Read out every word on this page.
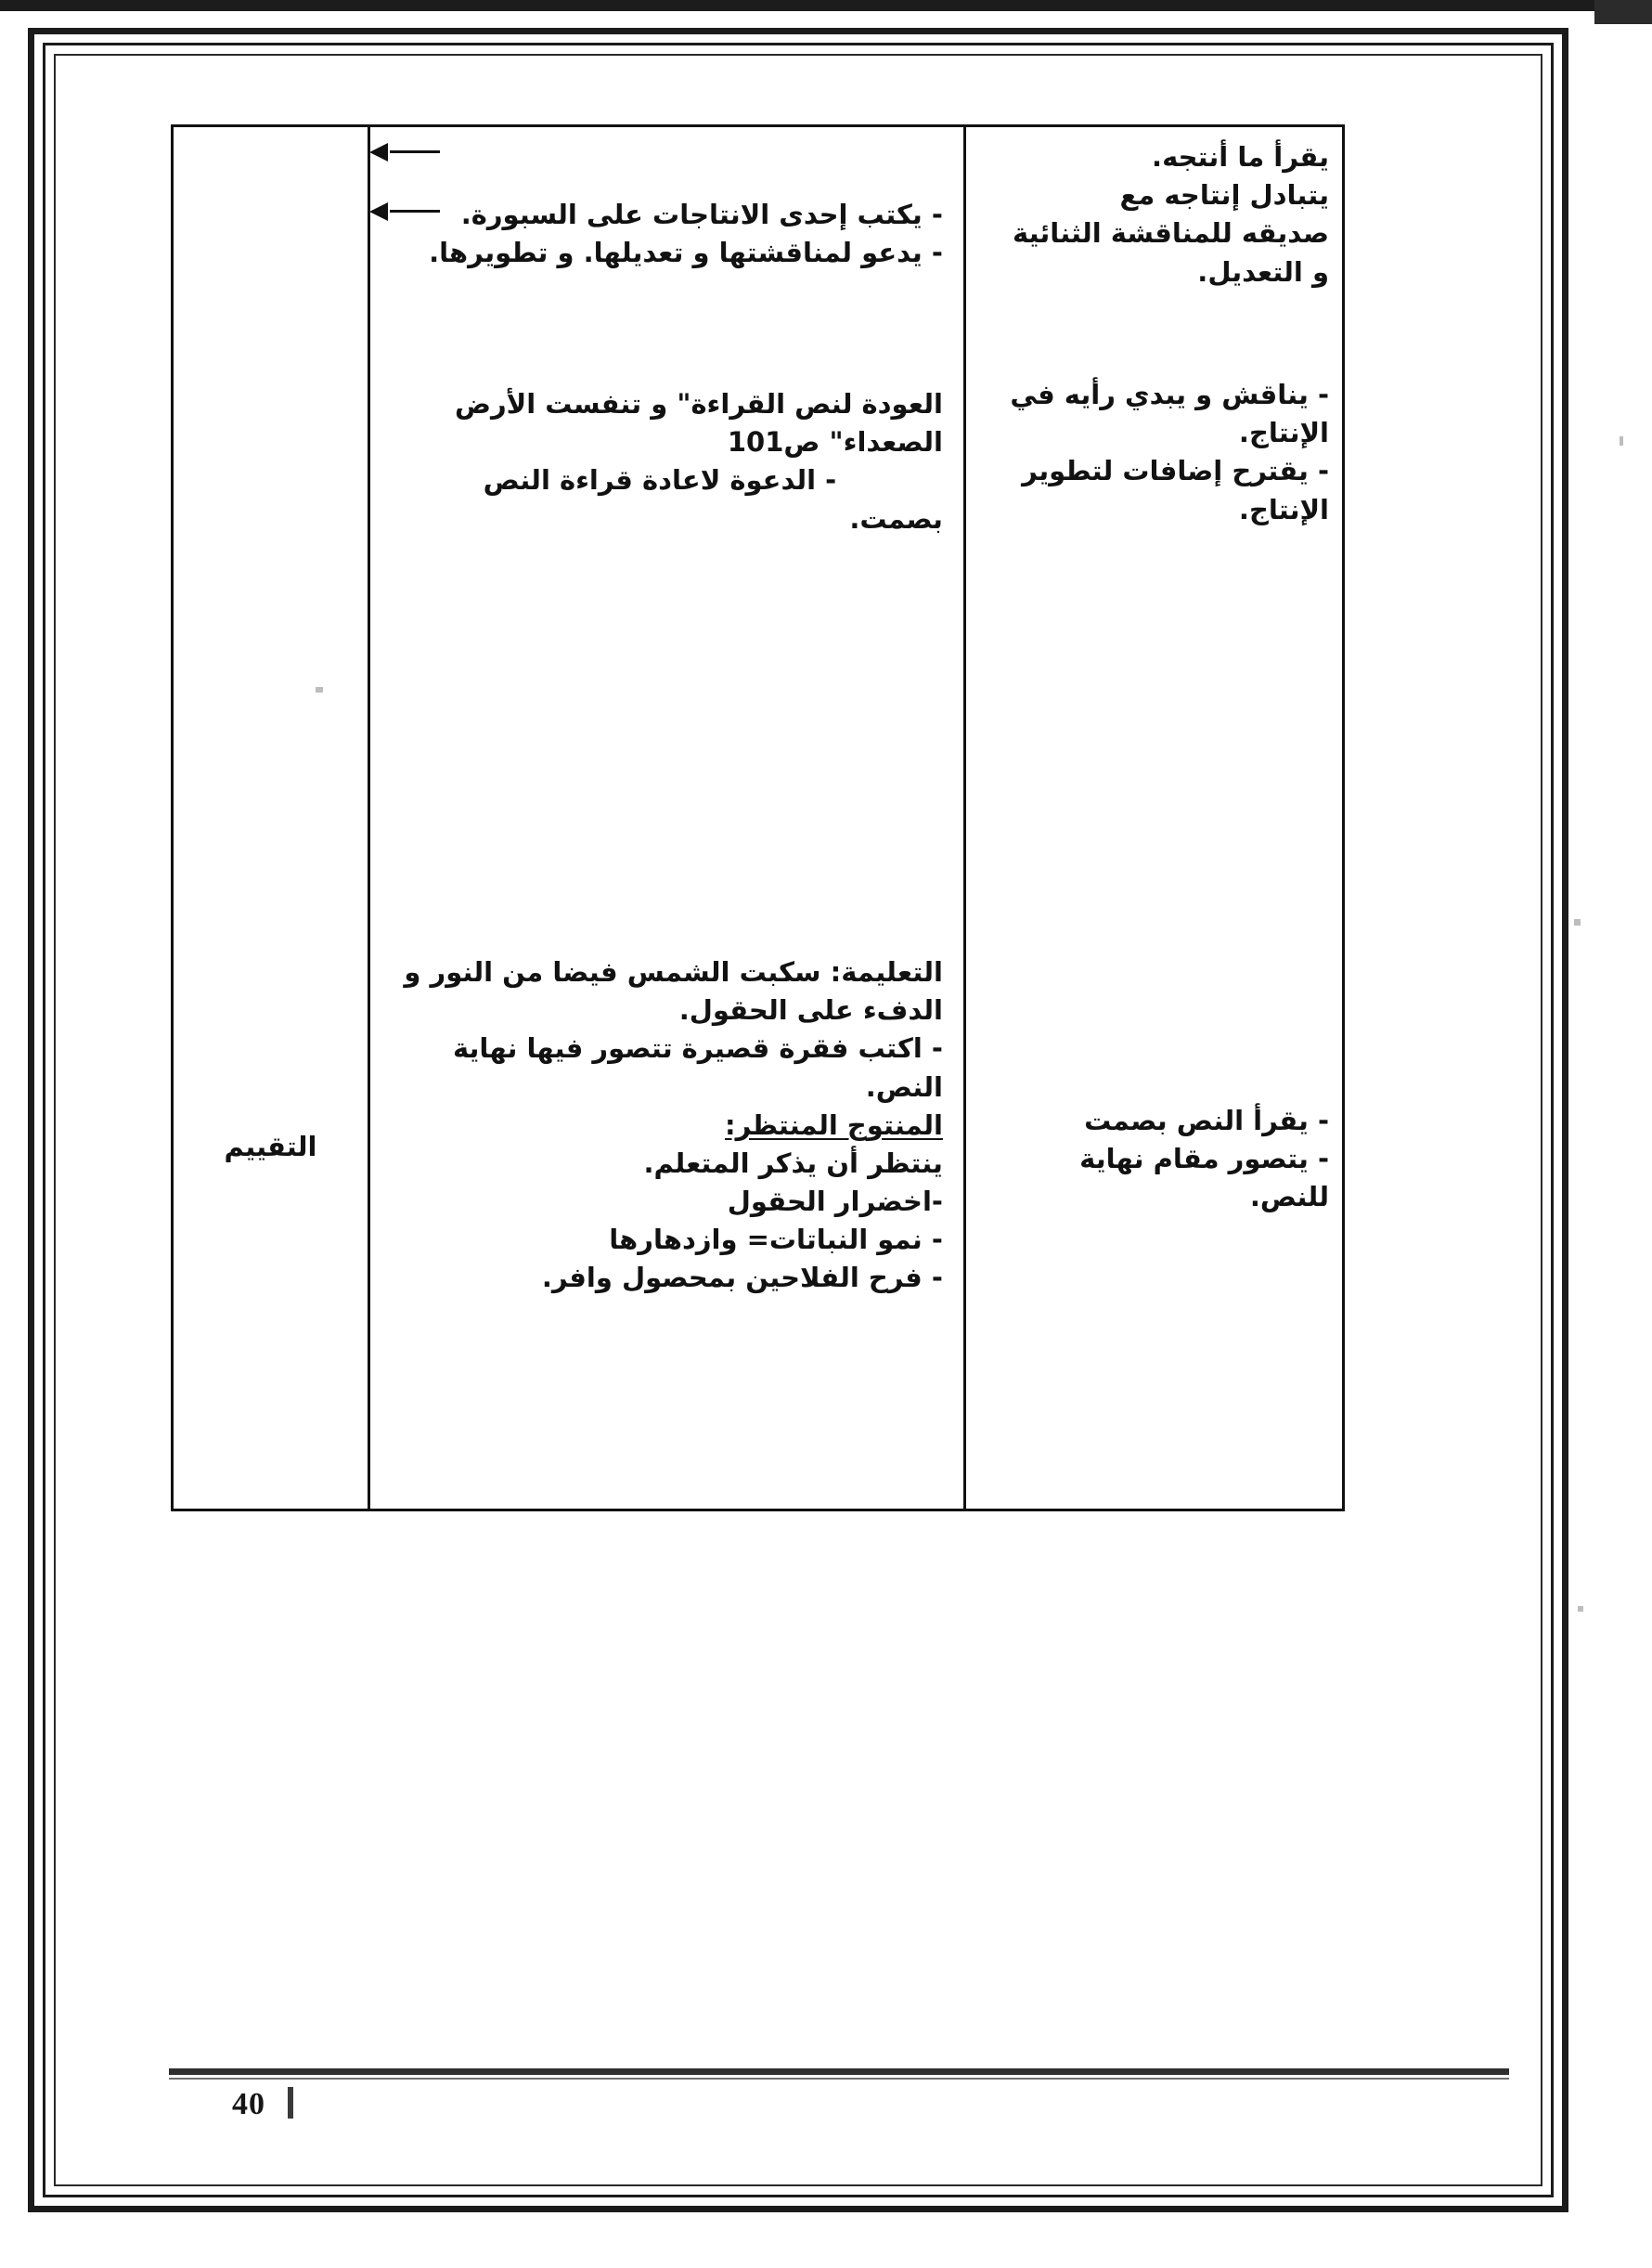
يقرأ ما أنتجه.
يتبادل إنتاجه مع
صديقه للمناقشة الثنائية
و التعديل.
- يناقش و يبدي رأيه في
الإنتاج.
- يقترح إضافات لتطوير
الإنتاج.
- يقرأ النص بصمت
- يتصور مقام نهاية
للنص.
- يكتب إحدى الانتاجات على السبورة.
- يدعو لمناقشتها و تعديلها. و تطويرها.
العودة لنص القراءة" و تنفست الأرض
الصعداء" ص101
- الدعوة لاعادة قراءة النص
بصمت.
التعليمة: سكبت الشمس فيضا من النور و
الدفء على الحقول.
- اكتب فقرة قصيرة تتصور فيها نهاية
النص.
المنتوج المنتظر:
ينتظر أن يذكر المتعلم.
-اخضرار الحقول
- نمو النباتات= وازدهارها
- فرح الفلاحين بمحصول وافر.
التقييم
40
